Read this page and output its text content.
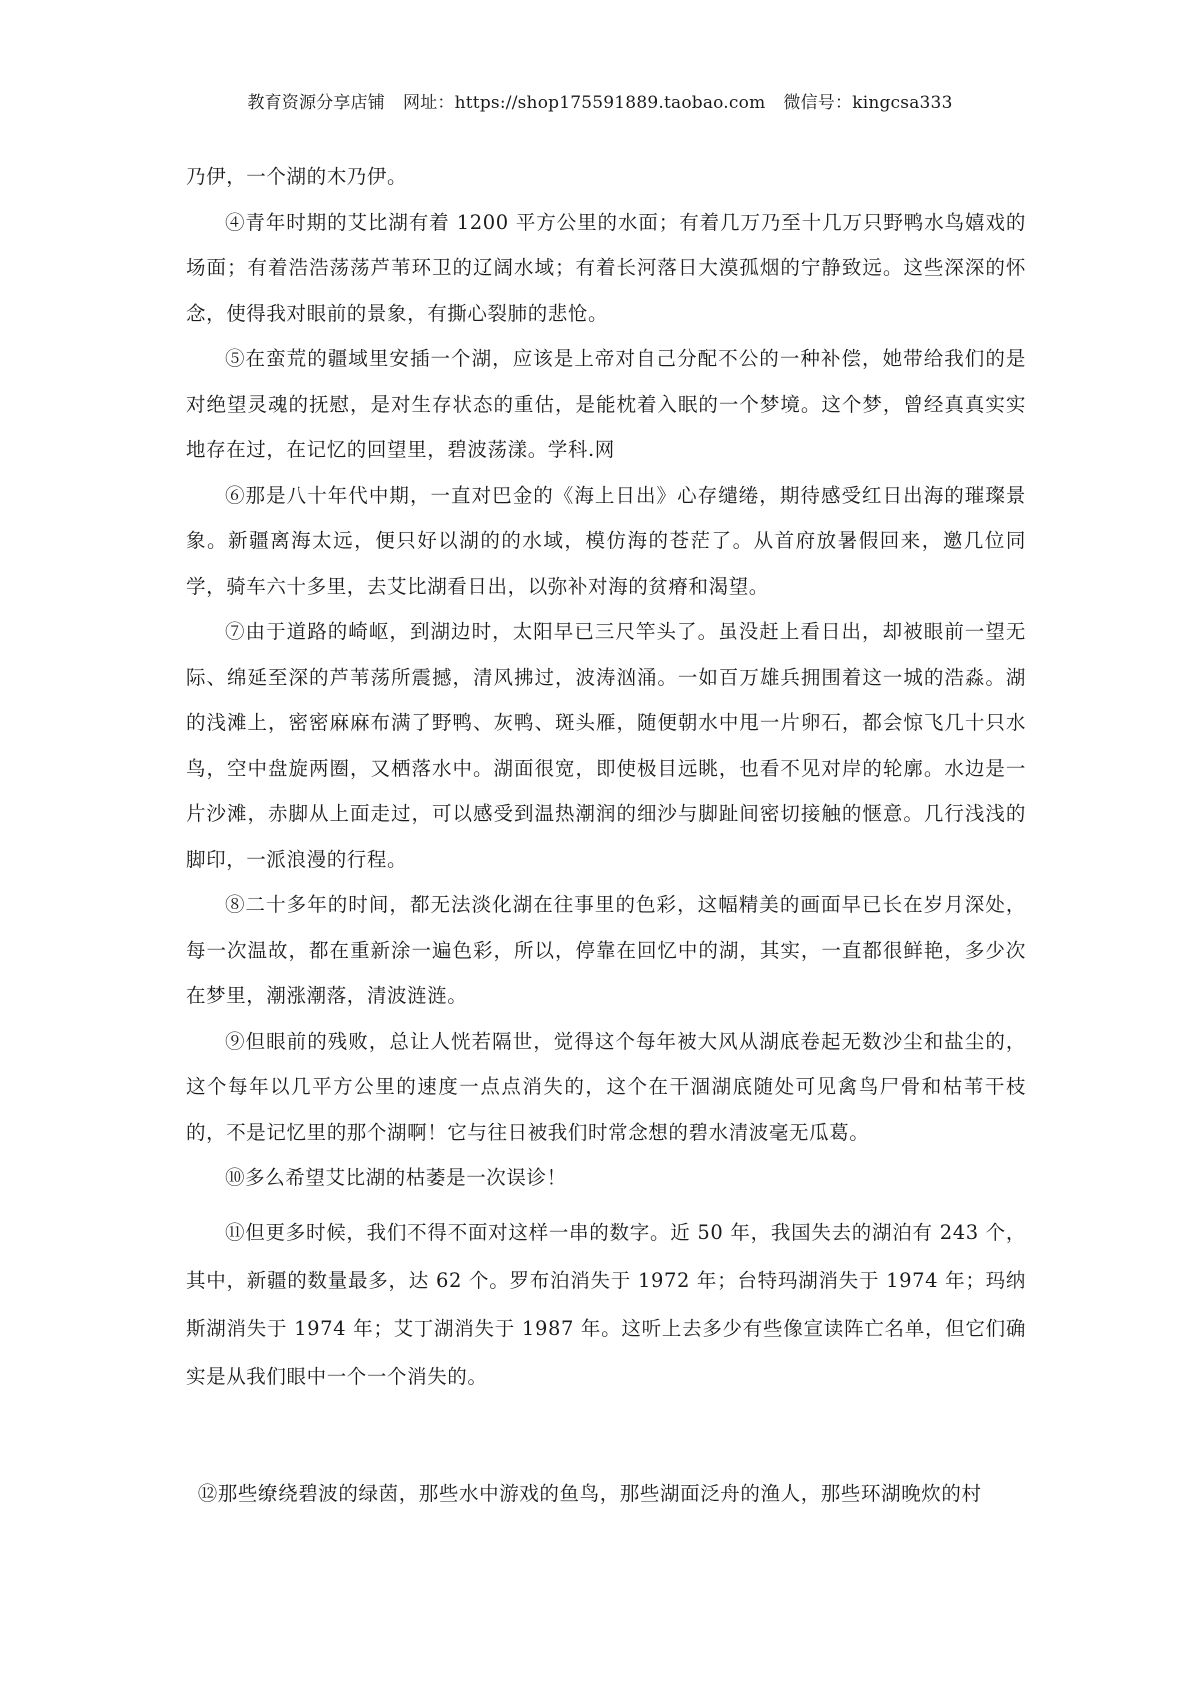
教育资源分享店铺 网址：https://shop175591889.taobao.com 微信号：kingcsa333

乃伊，一个湖的木乃伊。

④青年时期的艾比湖有着 1200 平方公里的水面；有着几万乃至十几万只野鸭水鸟嬉戏的场面；有着浩浩荡荡芦苇环卫的辽阔水域；有着长河落日大漠孤烟的宁静致远。这些深深的怀念，使得我对眼前的景象，有撕心裂肺的悲怆。

⑤在蛮荒的疆域里安插一个湖，应该是上帝对自己分配不公的一种补偿，她带给我们的是对绝望灵魂的抚慰，是对生存状态的重估，是能枕着入眠的一个梦境。这个梦，曾经真真实实地存在过，在记忆的回望里，碧波荡漾。学科.网

⑥那是八十年代中期，一直对巴金的《海上日出》心存缱绻，期待感受红日出海的璀璨景象。新疆离海太远，便只好以湖的的水域，模仿海的苍茫了。从首府放暑假回来，邀几位同学，骑车六十多里，去艾比湖看日出，以弥补对海的贫瘠和渴望。

⑦由于道路的崎岖，到湖边时，太阳早已三尺竿头了。虽没赶上看日出，却被眼前一望无际、绵延至深的芦苇荡所震撼，清风拂过，波涛汹涌。一如百万雄兵拥围着这一城的浩淼。湖的浅滩上，密密麻麻布满了野鸭、灰鸭、斑头雁，随便朝水中甩一片卵石，都会惊飞几十只水鸟，空中盘旋两圈，又栖落水中。湖面很宽，即使极目远眺，也看不见对岸的轮廓。水边是一片沙滩，赤脚从上面走过，可以感受到温热潮润的细沙与脚趾间密切接触的惬意。几行浅浅的脚印，一派浪漫的行程。

⑧二十多年的时间，都无法淡化湖在往事里的色彩，这幅精美的画面早已长在岁月深处，每一次温故，都在重新涂一遍色彩，所以，停靠在回忆中的湖，其实，一直都很鲜艳，多少次在梦里，潮涨潮落，清波涟涟。

⑨但眼前的残败，总让人恍若隔世，觉得这个每年被大风从湖底卷起无数沙尘和盐尘的，这个每年以几平方公里的速度一点点消失的，这个在干涸湖底随处可见禽鸟尸骨和枯苇干枝的，不是记忆里的那个湖啊！它与往日被我们时常念想的碧水清波毫无瓜葛。

⑩多么希望艾比湖的枯萎是一次误诊！

⑪但更多时候，我们不得不面对这样一串的数字。近 50 年，我国失去的湖泊有 243 个，其中，新疆的数量最多，达 62 个。罗布泊消失于 1972 年；台特玛湖消失于 1974 年；玛纳斯湖消失于 1974 年；艾丁湖消失于 1987 年。这听上去多少有些像宣读阵亡名单，但它们确实是从我们眼中一个一个消失的。

⑫那些缭绕碧波的绿茵，那些水中游戏的鱼鸟，那些湖面泛舟的渔人，那些环湖晚炊的村
